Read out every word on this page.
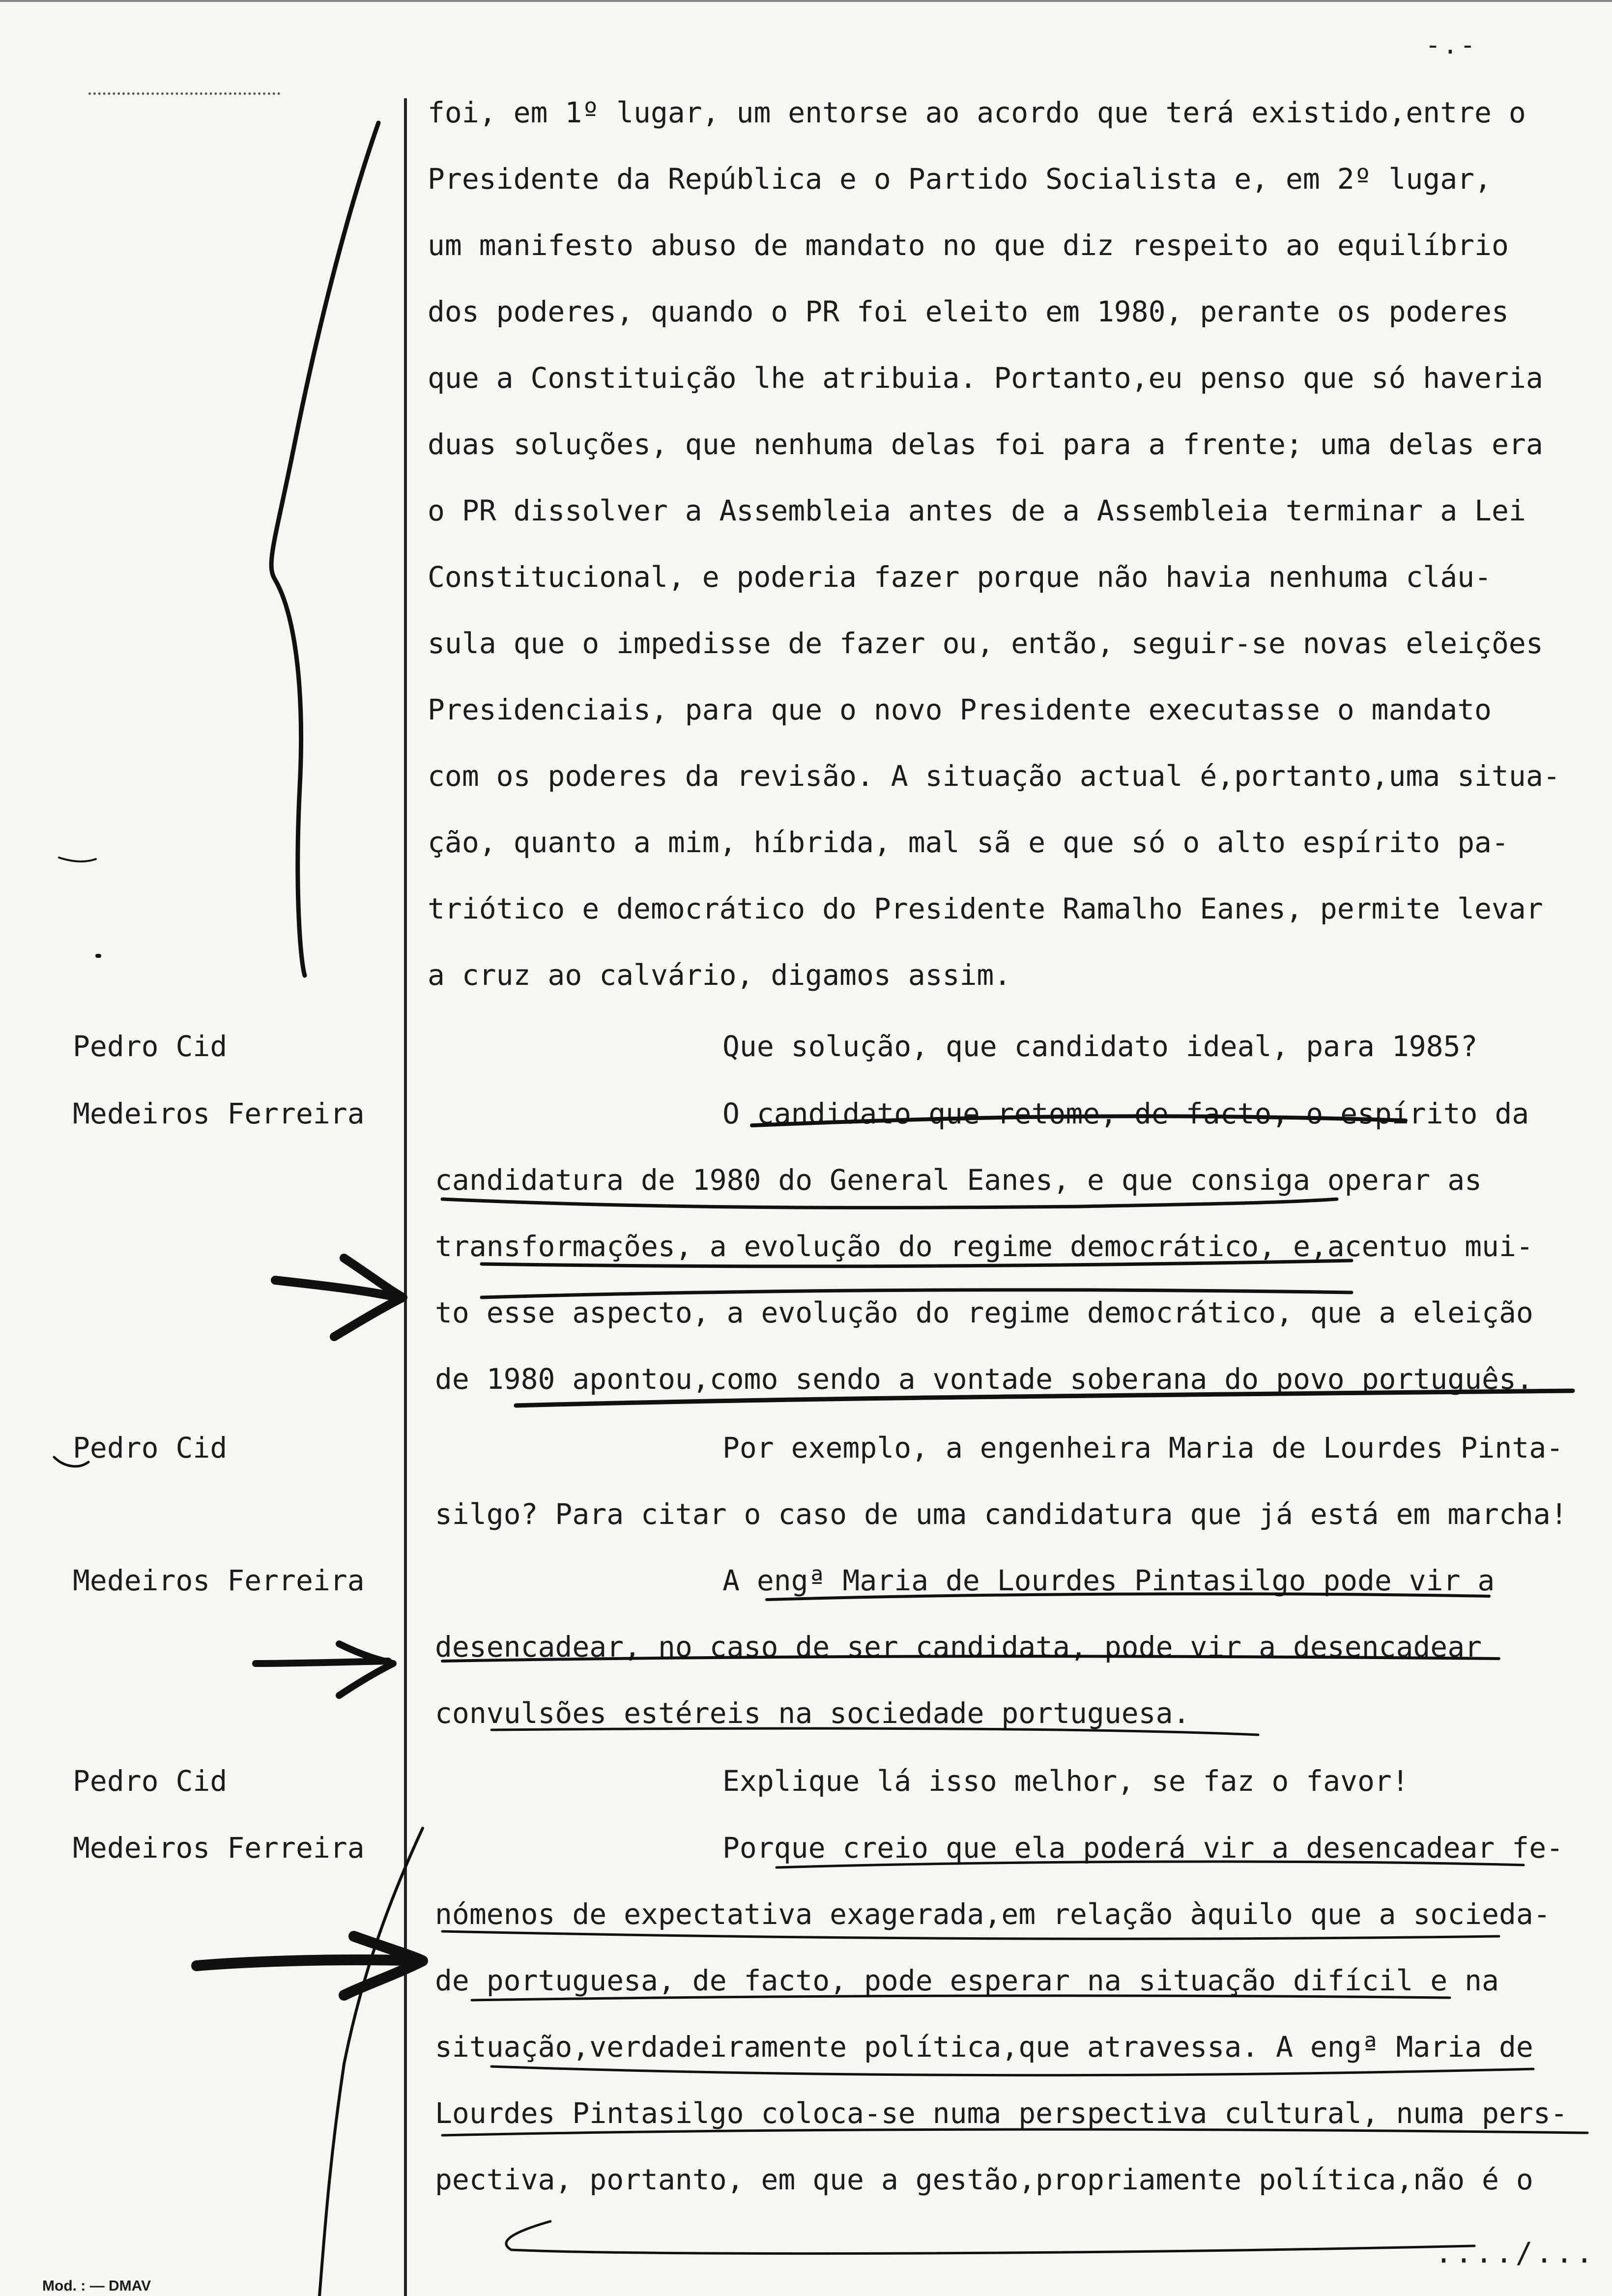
-.-
Pedro Cid
Medeiros Ferreira
Pedro Cid
Medeiros Ferreira
Pedro Cid
Medeiros Ferreira
foi, em 1º lugar, um entorse ao acordo que terá existido,entre o
Presidente da República e o Partido Socialista e, em 2º lugar,
um manifesto abuso de mandato no que diz respeito ao equilíbrio
dos poderes, quando o PR foi eleito em 1980, perante os poderes
que a Constituição lhe atribuia. Portanto,eu penso que só haveria
duas soluções, que nenhuma delas foi para a frente; uma delas era
o PR dissolver a Assembleia antes de a Assembleia terminar a Lei
Constitucional, e poderia fazer porque não havia nenhuma cláu-
sula que o impedisse de fazer ou, então, seguir-se novas eleições
Presidenciais, para que o novo Presidente executasse o mandato
com os poderes da revisão. A situação actual é,portanto,uma situa-
ção, quanto a mim, híbrida, mal sã e que só o alto espírito pa-
triótico e democrático do Presidente Ramalho Eanes, permite levar
a cruz ao calvário, digamos assim.
Que solução, que candidato ideal, para 1985?
O candidato que retome, de facto, o espírito da
candidatura de 1980 do General Eanes, e que consiga operar as
transformações, a evolução do regime democrático, e,acentuo mui-
to esse aspecto, a evolução do regime democrático, que a eleição
de 1980 apontou,como sendo a vontade soberana do povo português.
Por exemplo, a engenheira Maria de Lourdes Pinta-
silgo? Para citar o caso de uma candidatura que já está em marcha!
A engª Maria de Lourdes Pintasilgo pode vir a
desencadear, no caso de ser candidata, pode vir a desencadear
convulsões estéreis na sociedade portuguesa.
Explique lá isso melhor, se faz o favor!
Porque creio que ela poderá vir a desencadear fe-
nómenos de expectativa exagerada,em relação àquilo que a socieda-
de portuguesa, de facto, pode esperar na situação difícil e na
situação,verdadeiramente política,que atravessa. A engª Maria de
Lourdes Pintasilgo coloca-se numa perspectiva cultural, numa pers-
pectiva, portanto, em que a gestão,propriamente política,não é o
..../...
Mod. : — DMAV
